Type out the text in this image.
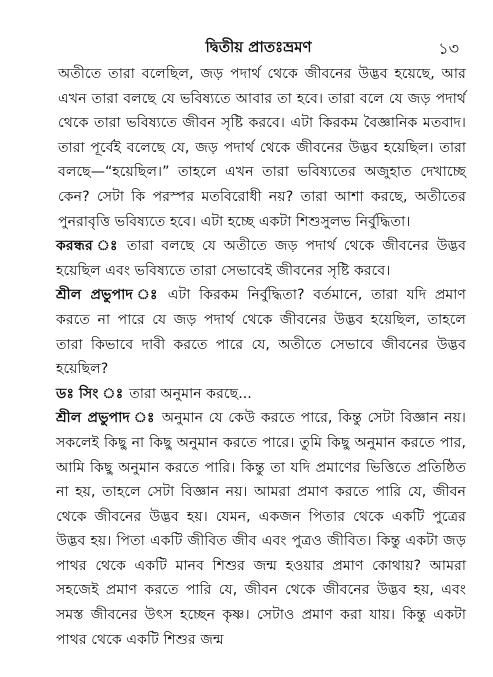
দ্বিতীয় প্রাতঃভ্রমণ	১৩

অতীতে তারা বলেছিল, জড় পদার্থ থেকে জীবনের উদ্ভব হয়েছে, আর এখন তারা বলছে যে ভবিষ্যতে আবার তা হবে। তারা বলে যে জড় পদার্থ থেকে তারা ভবিষ্যতে জীবন সৃষ্টি করবে। এটা কিরকম বৈজ্ঞানিক মতবাদ। তারা পূর্বেই বলেছে যে, জড় পদার্থ থেকে জীবনের উদ্ভব হয়েছিল। তারা বলছে—“হয়েছিল।” তাহলে এখন তারা ভবিষ্যতের অজুহাত দেখাচ্ছে কেন? সেটা কি পরস্পর মতবিরোধী নয়? তারা আশা করছে, অতীতের পুনরাবৃত্তি ভবিষ্যতে হবে। এটা হচ্ছে একটা শিশুসুলভ নির্বুদ্ধিতা।

করন্ধর ঃ তারা বলছে যে অতীতে জড় পদার্থ থেকে জীবনের উদ্ভব হয়েছিল এবং ভবিষ্যতে তারা সেভাবেই জীবনের সৃষ্টি করবে।

শ্রীল প্রভুপাদ ঃ এটা কিরকম নির্বুদ্ধিতা? বর্তমানে, তারা যদি প্রমাণ করতে না পারে যে জড় পদার্থ থেকে জীবনের উদ্ভব হয়েছিল, তাহলে তারা কিভাবে দাবী করতে পারে যে, অতীতে সেভাবে জীবনের উদ্ভব হয়েছিল?

ডঃ সিং ঃ তারা অনুমান করছে...

শ্রীল প্রভুপাদ ঃ অনুমান যে কেউ করতে পারে, কিন্তু সেটা বিজ্ঞান নয়। সকলেই কিছু না কিছু অনুমান করতে পারে। তুমি কিছু অনুমান করতে পার, আমি কিছু অনুমান করতে পারি। কিন্তু তা যদি প্রমাণের ভিত্তিতে প্রতিষ্ঠিত না হয়, তাহলে সেটা বিজ্ঞান নয়। আমরা প্রমাণ করতে পারি যে, জীবন থেকে জীবনের উদ্ভব হয়। যেমন, একজন পিতার থেকে একটি পুত্রের উদ্ভব হয়। পিতা একটি জীবিত জীব এবং পুত্রও জীবিত। কিন্তু একটা জড় পাথর থেকে একটি মানব শিশুর জন্ম হওয়ার প্রমাণ কোথায়? আমরা সহজেই প্রমাণ করতে পারি যে, জীবন থেকে জীবনের উদ্ভব হয়, এবং সমস্ত জীবনের উৎস হচ্ছেন কৃষ্ণ। সেটাও প্রমাণ করা যায়। কিন্তু একটা পাথর থেকে একটি শিশুর জন্ম
